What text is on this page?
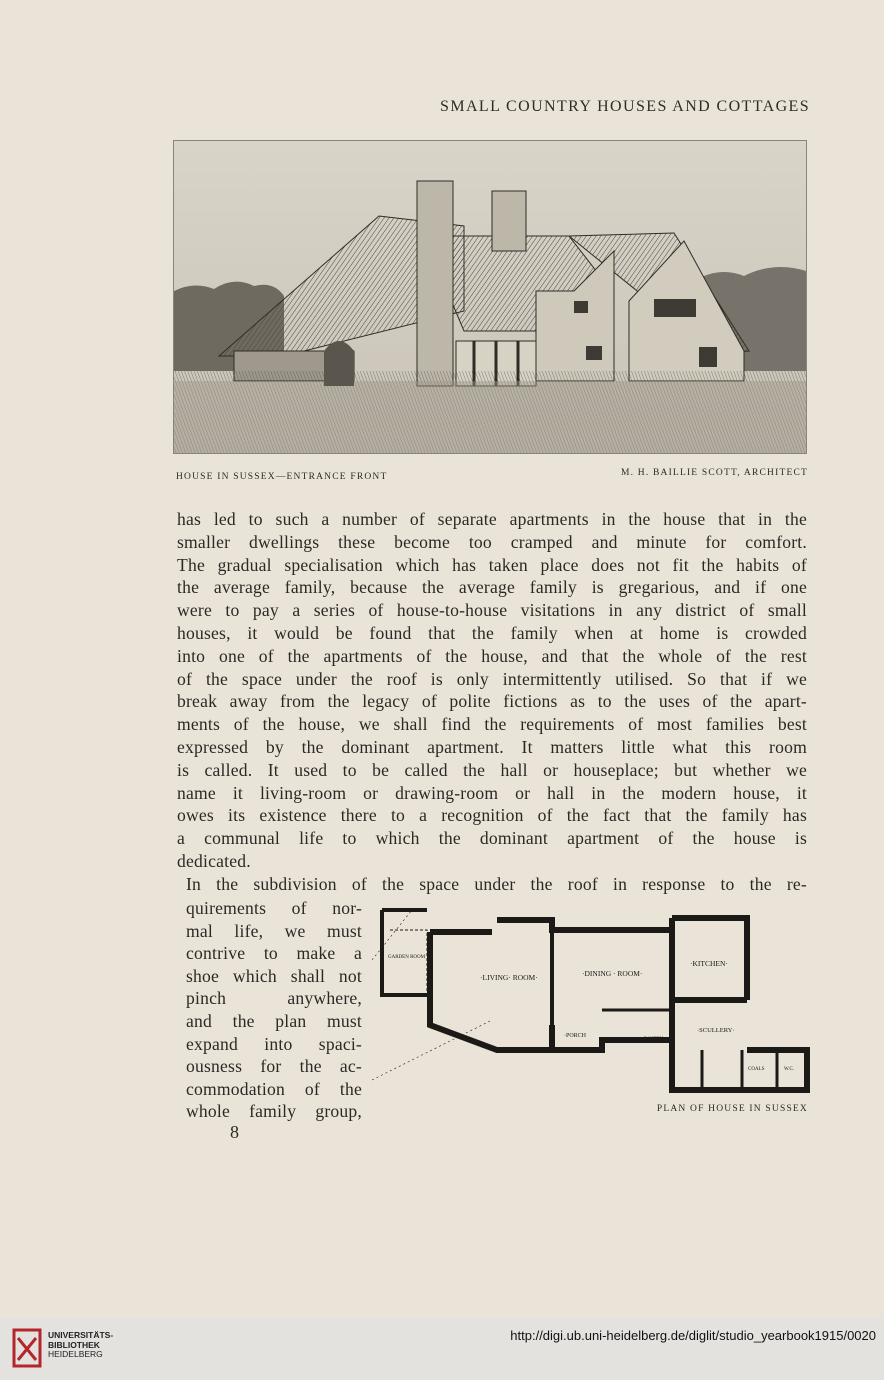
SMALL COUNTRY HOUSES AND COTTAGES
HOUSE IN SUSSEX—ENTRANCE FRONT	M. H. BAILLIE SCOTT, ARCHITECT
has led to such a number of separate apartments in the house that in the
smaller dwellings these become too cramped and minute for comfort.
The gradual specialisation which has taken place does not fit the habits of
the average family, because the average family is gregarious, and if one
were to pay a series of house-to-house visitations in any district of small
houses, it would be found that the family when at home is crowded
into one of the apartments of the house, and that the whole of the rest
of the space under the roof is only intermittently utilised. So that if we
break away from the legacy of polite fictions as to the uses of the apart-
ments of the house, we shall find the requirements of most families best
expressed by the dominant apartment. It matters little what this room
is called. It used to be called the hall or houseplace; but whether we
name it living-room or drawing-room or hall in the modern house, it
owes its existence there to a recognition of the fact that the family has
a communal life to which the dominant apartment of the house is
dedicated.
In the subdivision of the space under the roof in response to the re-
quirements of nor-
mal life, we must
contrive to make a
shoe which shall not
pinch anywhere,
and the plan must
expand into spaci-
ousness for the ac-
commodation of the
whole family group,
·LIVING· ROOM·	·DINING · ROOM·
·KITCHEN·
·SCULLERY·
·PORCH
PANTRY
GARDEN ROOM
COALS	W.C.
PLAN OF HOUSE IN SUSSEX
8
UNIVERSITÄTS-
BIBLIOTHEK
HEIDELBERG
http://digi.ub.uni-heidelberg.de/diglit/studio_yearbook1915/0020
